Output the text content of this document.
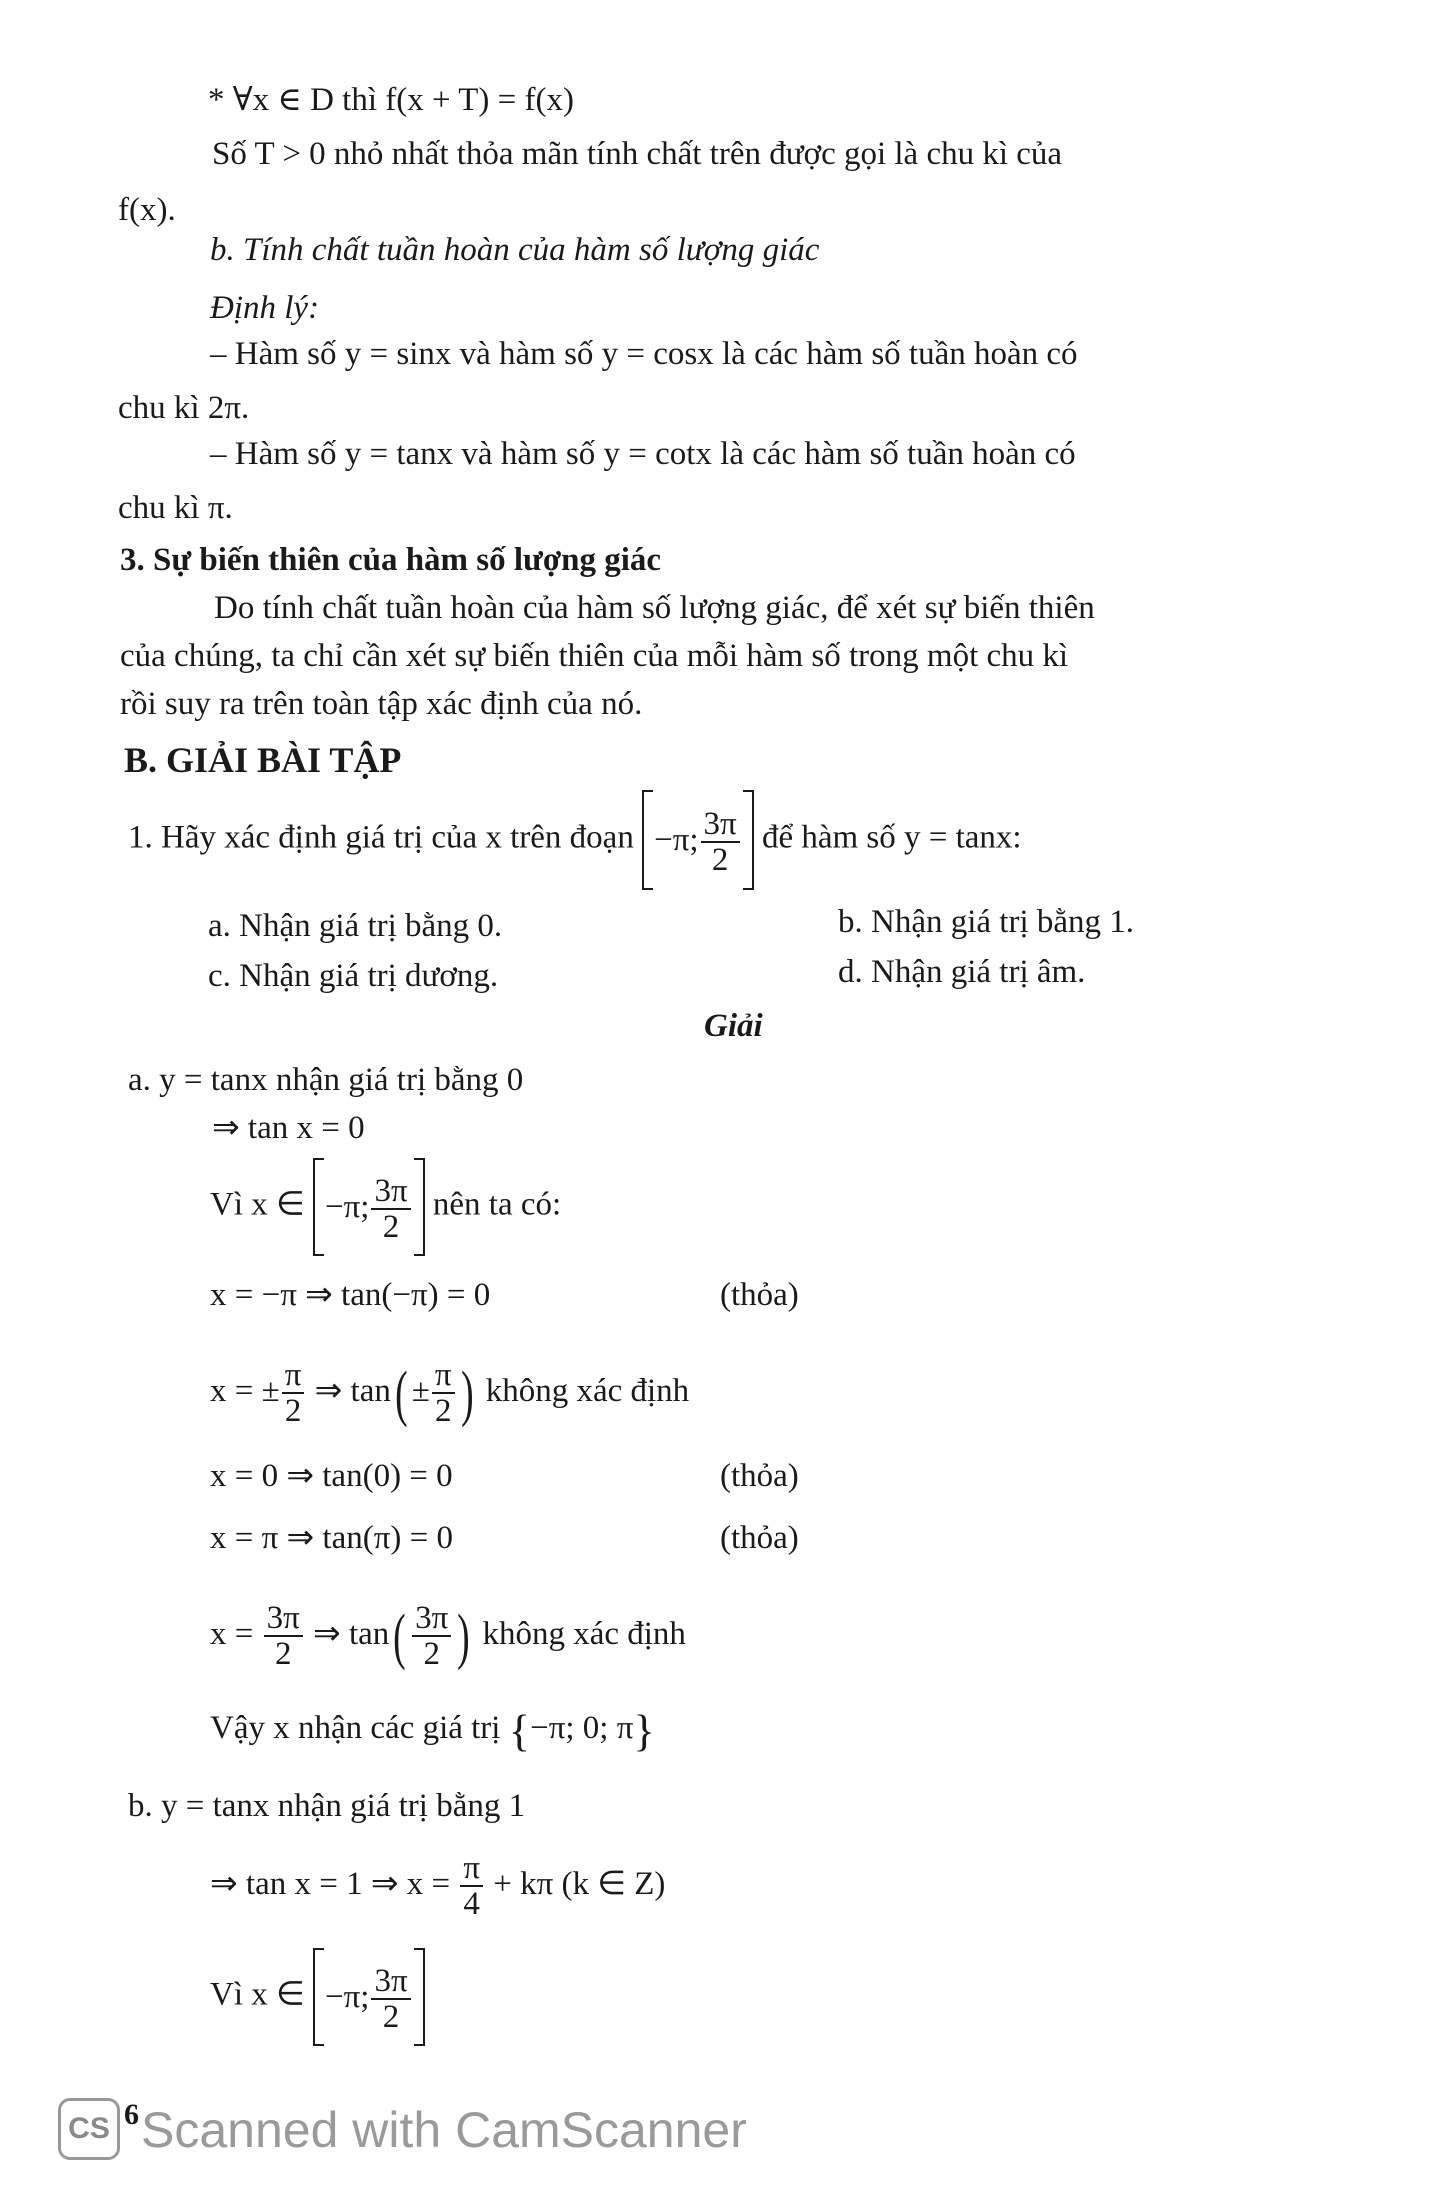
* ∀x ∈ D thì f(x + T) = f(x)
Số T > 0 nhỏ nhất thỏa mãn tính chất trên được gọi là chu kì của
f(x).
b. Tính chất tuần hoàn của hàm số lượng giác
Định lý:
– Hàm số y = sinx và hàm số y = cosx là các hàm số tuần hoàn có
chu kì 2π.
– Hàm số y = tanx và hàm số y = cotx là các hàm số tuần hoàn có
chu kì π.
3. Sự biến thiên của hàm số lượng giác
Do tính chất tuần hoàn của hàm số lượng giác, để xét sự biến thiên
của chúng, ta chỉ cần xét sự biến thiên của mỗi hàm số trong một chu kì
rồi suy ra trên toàn tập xác định của nó.
B. GIẢI BÀI TẬP
1. Hãy xác định giá trị của x trên đoạn −π; $\frac{3\pi}{2}$ để hàm số y = tanx:
a. Nhận giá trị bằng 0.	b. Nhận giá trị bằng 1.
c. Nhận giá trị dương.	d. Nhận giá trị âm.
Giải
a. y = tanx nhận giá trị bằng 0
⇒ tan x = 0
Vì x ∈ −π; $\frac{3\pi}{2}$ nên ta có:
x = −π ⇒ tan(−π) = 0	(thỏa)
x = ± $\frac{\pi}{2}$ ⇒ $\tan( \pm \frac{\pi}{2}$ ) không xác định
x = 0 ⇒ tan(0) = 0	(thỏa)
x = π ⇒ tan(π) = 0	(thỏa)
$x = \frac{3\pi}{2}$ ⇒ $\tan( \frac{3\pi}{2}$ ) không xác định
Vậy x nhận các giá trị {−π; 0; π}
b. y = tanx nhận giá trị bằng 1
⇒ tan x = 1 ⇒ $x = \frac{\pi}{4} + k\pi$ (k ∈ Z)
Vì x ∈ −π; $\frac{3\pi}{2}$
CS 6 Scanned with CamScanner
